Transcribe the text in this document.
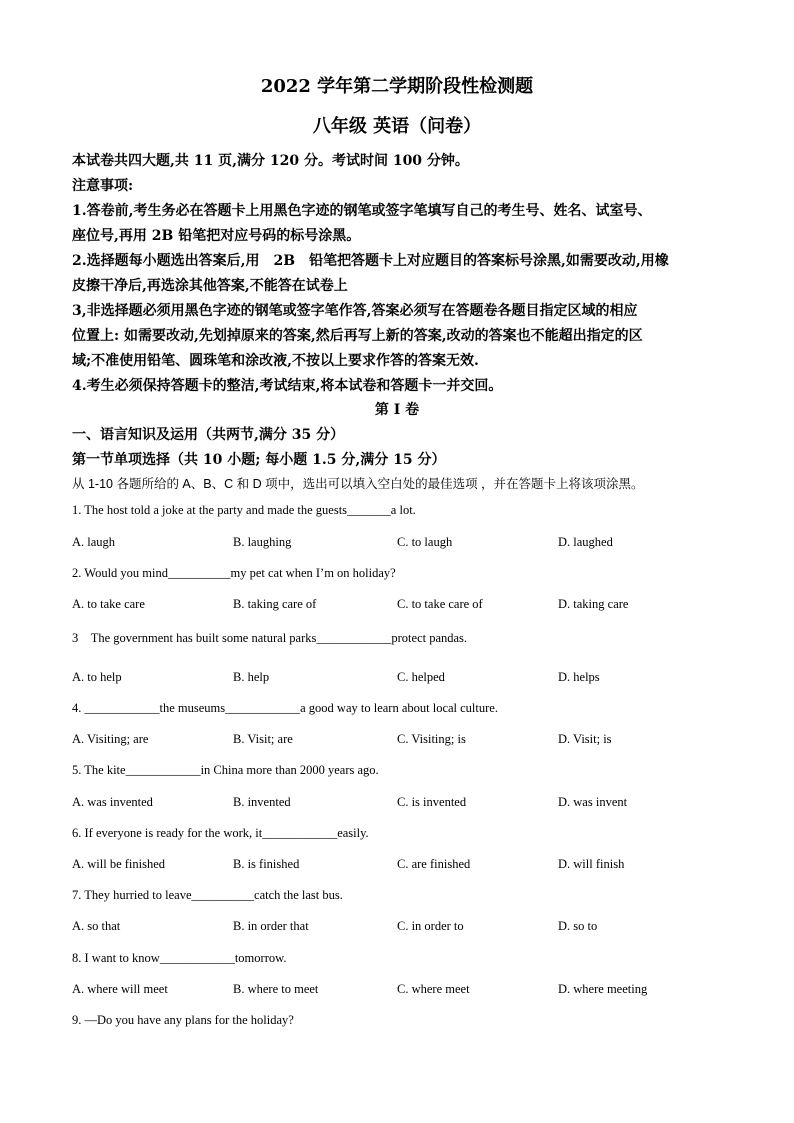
2022 学年第二学期阶段性检测题
八年级 英语（问卷）
本试卷共四大题,共 11 页,满分 120 分。考试时间 100 分钟。
注意事项:
1.答卷前,考生务必在答题卡上用黑色字迹的钢笔或签字笔填写自己的考生号、姓名、试室号、
座位号,再用 2B 铅笔把对应号码的标号涂黑。
2.选择题每小题选出答案后,用　2B　铅笔把答题卡上对应题目的答案标号涂黑,如需要改动,用橡
皮擦干净后,再选涂其他答案,不能答在试卷上
3,非选择题必须用黑色字迹的钢笔或签字笔作答,答案必须写在答题卷各题目指定区域的相应
位置上: 如需要改动,先划掉原来的答案,然后再写上新的答案,改动的答案也不能超出指定的区
域;不准使用铅笔、圆珠笔和涂改液,不按以上要求作答的答案无效.
4.考生必须保持答题卡的整洁,考试结束,将本试卷和答题卡一并交回。
第 I 卷
一、语言知识及运用（共两节,满分 35 分）
第一节单项选择（共 10 小题; 每小题 1.5 分,满分 15 分）
从 1-10 各题所给的 A、B、C 和 D 项中，选出可以填入空白处的最佳选项 ，并在答题卡上将该项涂黑。
1. The host told a joke at the party and made the guests_______a lot.
A. laugh	B. laughing	C. to laugh	D. laughed
2. Would you mind__________my pet cat when I’m on holiday?
A. to take care	B. taking care of	C. to take care of	D. taking care
3　The government has built some natural parks____________protect pandas.
A. to help	B. help	C. helped	D. helps
4. ____________the museums____________a good way to learn about local culture.
A. Visiting; are	B. Visit; are	C. Visiting; is	D. Visit; is
5. The kite____________in China more than 2000 years ago.
A. was invented	B. invented	C. is invented	D. was invent
6. If everyone is ready for the work, it____________easily.
A. will be finished	B. is finished	C. are finished	D. will finish
7. They hurried to leave__________catch the last bus.
A. so that	B. in order that	C. in order to	D. so to
8. I want to know____________tomorrow.
A. where will meet	B. where to meet	C. where meet	D. where meeting
9. —Do you have any plans for the holiday?
